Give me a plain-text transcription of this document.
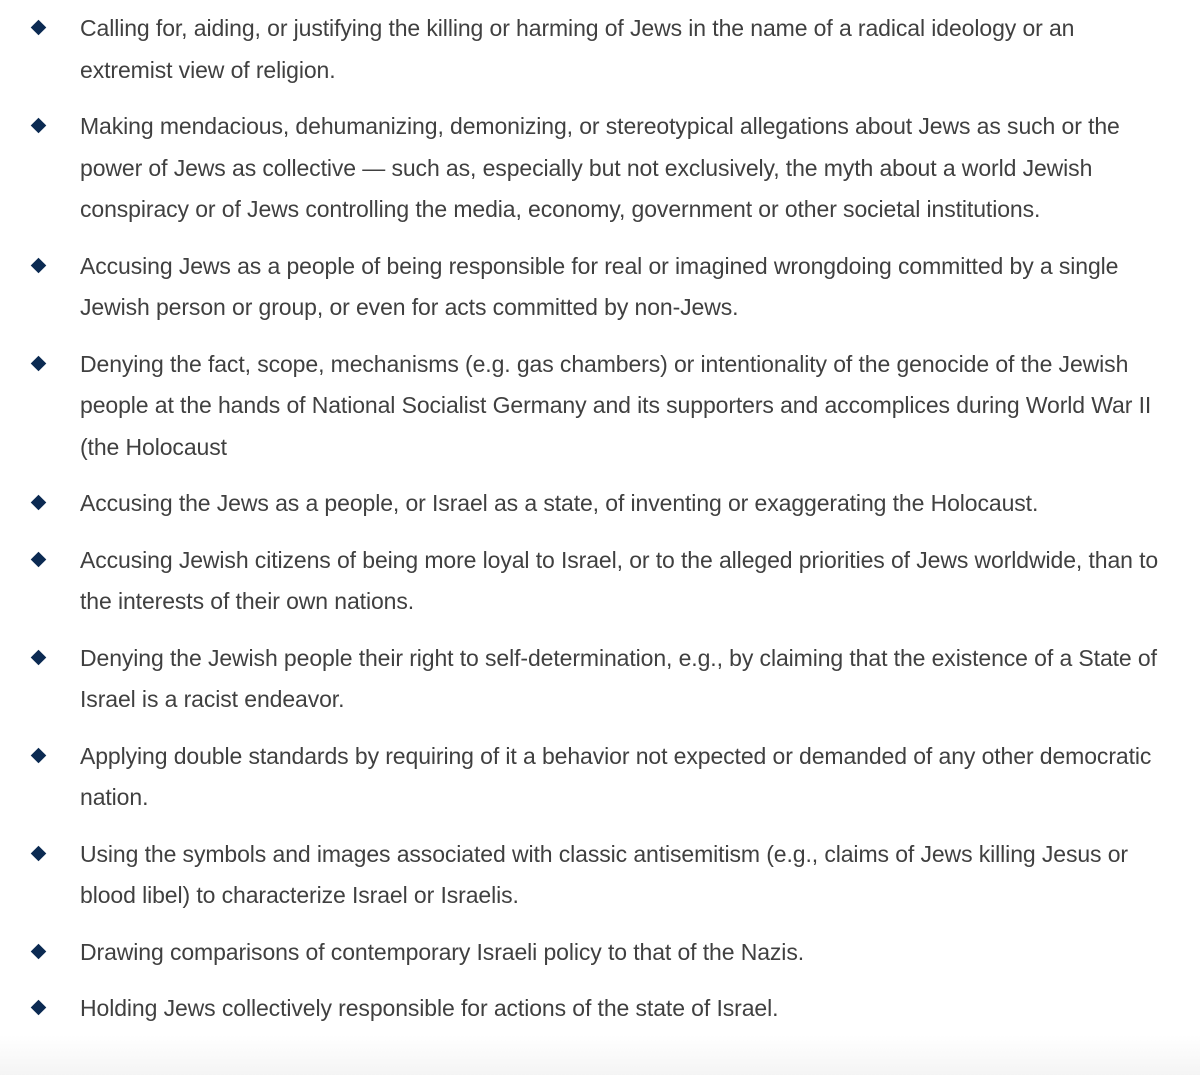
Calling for, aiding, or justifying the killing or harming of Jews in the name of a radical ideology or an extremist view of religion.
Making mendacious, dehumanizing, demonizing, or stereotypical allegations about Jews as such or the power of Jews as collective — such as, especially but not exclusively, the myth about a world Jewish conspiracy or of Jews controlling the media, economy, government or other societal institutions.
Accusing Jews as a people of being responsible for real or imagined wrongdoing committed by a single Jewish person or group, or even for acts committed by non-Jews.
Denying the fact, scope, mechanisms (e.g. gas chambers) or intentionality of the genocide of the Jewish people at the hands of National Socialist Germany and its supporters and accomplices during World War II (the Holocaust
Accusing the Jews as a people, or Israel as a state, of inventing or exaggerating the Holocaust.
Accusing Jewish citizens of being more loyal to Israel, or to the alleged priorities of Jews worldwide, than to the interests of their own nations.
Denying the Jewish people their right to self-determination, e.g., by claiming that the existence of a State of Israel is a racist endeavor.
Applying double standards by requiring of it a behavior not expected or demanded of any other democratic nation.
Using the symbols and images associated with classic antisemitism (e.g., claims of Jews killing Jesus or blood libel) to characterize Israel or Israelis.
Drawing comparisons of contemporary Israeli policy to that of the Nazis.
Holding Jews collectively responsible for actions of the state of Israel.
